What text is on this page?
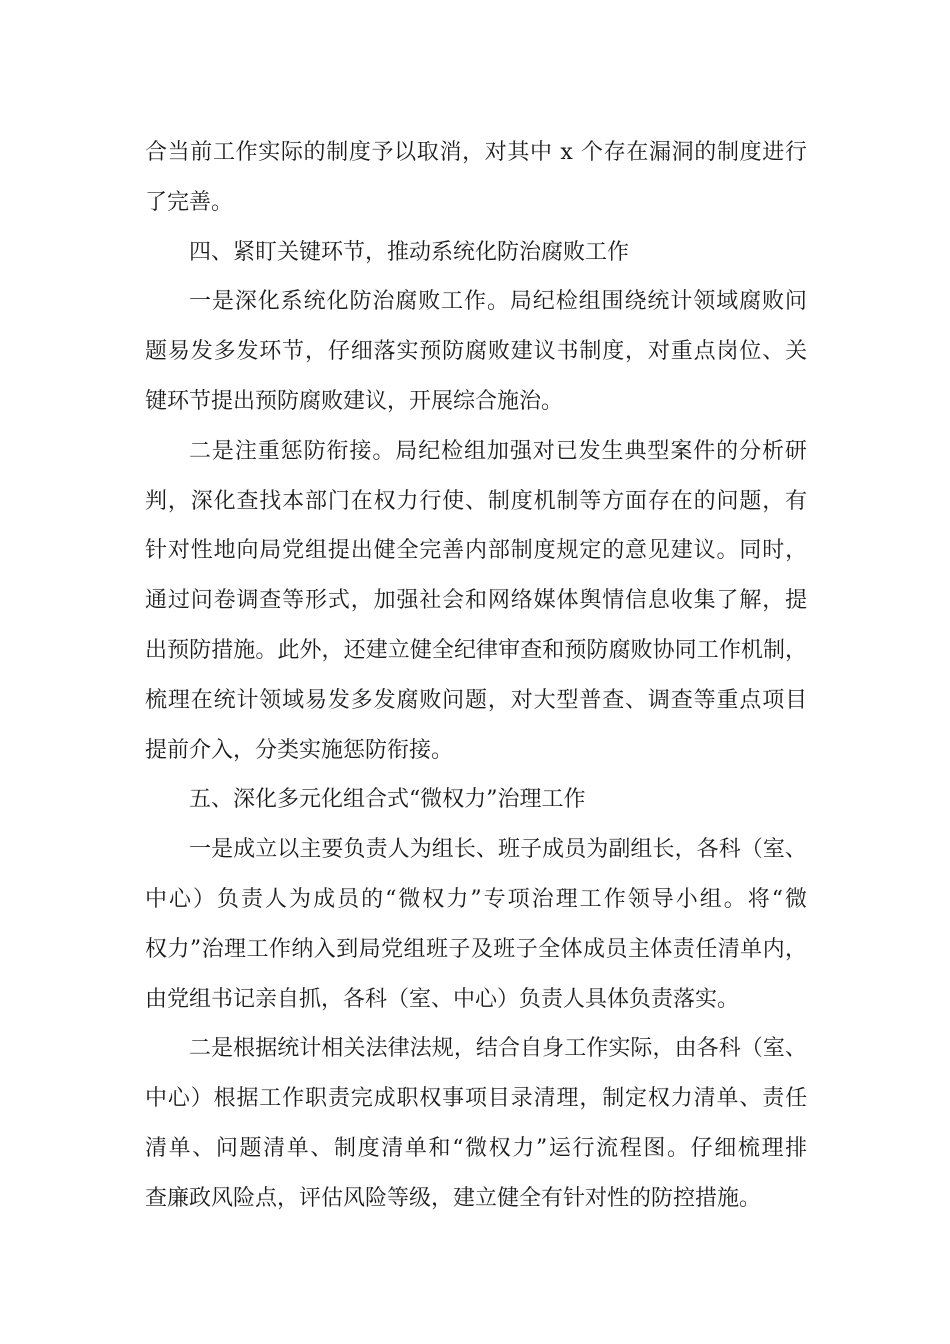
合当前工作实际的制度予以取消，对其中 x 个存在漏洞的制度进行
了完善。
四、紧盯关键环节，推动系统化防治腐败工作
一是深化系统化防治腐败工作。局纪检组围绕统计领域腐败问
题易发多发环节，仔细落实预防腐败建议书制度，对重点岗位、关
键环节提出预防腐败建议，开展综合施治。
二是注重惩防衔接。局纪检组加强对已发生典型案件的分析研
判，深化查找本部门在权力行使、制度机制等方面存在的问题，有
针对性地向局党组提出健全完善内部制度规定的意见建议。同时，
通过问卷调查等形式，加强社会和网络媒体舆情信息收集了解，提
出预防措施。此外，还建立健全纪律审查和预防腐败协同工作机制，
梳理在统计领域易发多发腐败问题，对大型普查、调查等重点项目
提前介入，分类实施惩防衔接。
五、深化多元化组合式“微权力”治理工作
一是成立以主要负责人为组长、班子成员为副组长，各科（室、
中心）负责人为成员的“微权力”专项治理工作领导小组。将“微
权力”治理工作纳入到局党组班子及班子全体成员主体责任清单内，
由党组书记亲自抓，各科（室、中心）负责人具体负责落实。
二是根据统计相关法律法规，结合自身工作实际，由各科（室、
中心）根据工作职责完成职权事项目录清理，制定权力清单、责任
清单、问题清单、制度清单和“微权力”运行流程图。仔细梳理排
查廉政风险点，评估风险等级，建立健全有针对性的防控措施。
